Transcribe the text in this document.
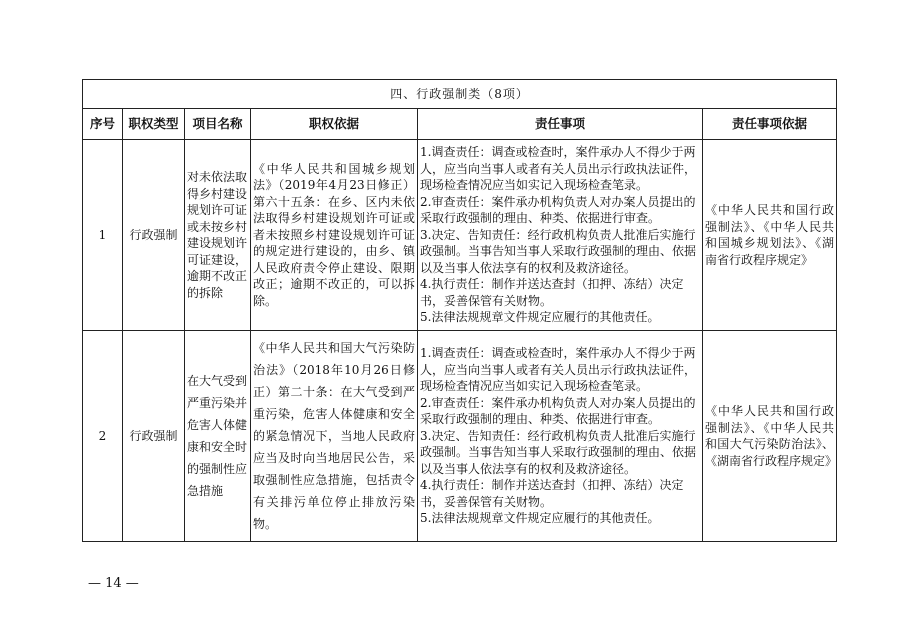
四、行政强制类（8项）					
序号	职权类型	项目名称	职权依据	责任事项	责任事项依据
1	行政强制	对未依法取得乡村建设规划许可证或未按乡村建设规划许可证建设，逾期不改正的拆除	《中华人民共和国城乡规划法》（2019年4月23日修正）第六十五条：在乡、区内未依法取得乡村建设规划许可证或者未按照乡村建设规划许可证的规定进行建设的，由乡、镇人民政府责令停止建设、限期改正；逾期不改正的，可以拆除。	1.调查责任：调查或检查时，案件承办人不得少于两人，应当向当事人或者有关人员出示行政执法证件，现场检查情况应当如实记入现场检查笔录。
2.审查责任：案件承办机构负责人对办案人员提出的采取行政强制的理由、种类、依据进行审查。
3.决定、告知责任：经行政机构负责人批准后实施行政强制。当事告知当事人采取行政强制的理由、依据以及当事人依法享有的权利及救济途径。
4.执行责任：制作并送达查封（扣押、冻结）决定书，妥善保管有关财物。
5.法律法规规章文件规定应履行的其他责任。	《中华人民共和国行政强制法》、《中华人民共和国城乡规划法》、《湖南省行政程序规定》
2	行政强制	在大气受到严重污染并危害人体健康和安全时的强制性应急措施	《中华人民共和国大气污染防治法》（2018年10月26日修正）第二十条：在大气受到严重污染，危害人体健康和安全的紧急情况下，当地人民政府应当及时向当地居民公告，采取强制性应急措施，包括责令有关排污单位停止排放污染物。	1.调查责任：调查或检查时，案件承办人不得少于两人，应当向当事人或者有关人员出示行政执法证件，现场检查情况应当如实记入现场检查笔录。
2.审查责任：案件承办机构负责人对办案人员提出的采取行政强制的理由、种类、依据进行审查。
3.决定、告知责任：经行政机构负责人批准后实施行政强制。当事告知当事人采取行政强制的理由、依据以及当事人依法享有的权利及救济途径。
4.执行责任：制作并送达查封（扣押、冻结）决定书，妥善保管有关财物。
5.法律法规规章文件规定应履行的其他责任。	《中华人民共和国行政强制法》、《中华人民共和国大气污染防治法》、《湖南省行政程序规定》
— 14 —
